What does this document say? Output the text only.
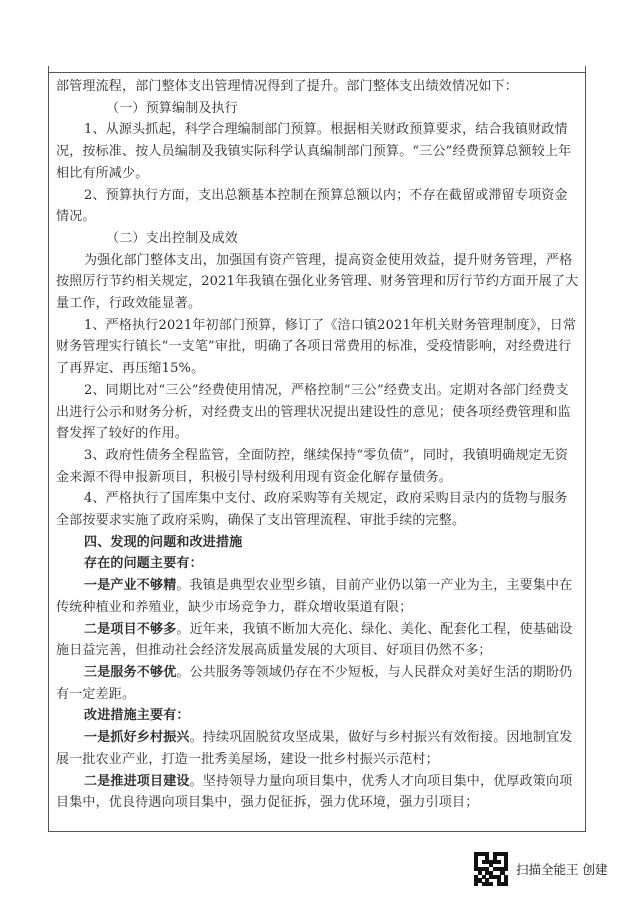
部管理流程，部门整体支出管理情况得到了提升。部门整体支出绩效情况如下：

（一）预算编制及执行

1、从源头抓起，科学合理编制部门预算。根据相关财政预算要求，结合我镇财政情况，按标准、按人员编制及我镇实际科学认真编制部门预算。“三公”经费预算总额较上年相比有所减少。

2、预算执行方面，支出总额基本控制在预算总额以内；不存在截留或滞留专项资金情况。

（二）支出控制及成效

为强化部门整体支出，加强国有资产管理，提高资金使用效益，提升财务管理，严格按照厉行节约相关规定，2021年我镇在强化业务管理、财务管理和厉行节约方面开展了大量工作，行政效能显著。

1、严格执行2021年初部门预算，修订了《涪口镇2021年机关财务管理制度》，日常财务管理实行镇长“一支笔”审批，明确了各项日常费用的标准，受疫情影响，对经费进行了再界定、再压缩15%。

2、同期比对“三公”经费使用情况，严格控制“三公”经费支出。定期对各部门经费支出进行公示和财务分析，对经费支出的管理状况提出建设性的意见；使各项经费管理和监督发挥了较好的作用。

3、政府性债务全程监管，全面防控，继续保持“零负债”，同时，我镇明确规定无资金来源不得申报新项目，积极引导村级利用现有资金化解存量债务。

4、严格执行了国库集中支付、政府采购等有关规定，政府采购目录内的货物与服务全部按要求实施了政府采购，确保了支出管理流程、审批手续的完整。

四、发现的问题和改进措施

存在的问题主要有：

一是产业不够精。我镇是典型农业型乡镇，目前产业仍以第一产业为主，主要集中在传统种植业和养殖业，缺少市场竞争力，群众增收渠道有限；

二是项目不够多。近年来，我镇不断加大亮化、绿化、美化、配套化工程，使基础设施日益完善，但推动社会经济发展高质量发展的大项目、好项目仍然不多；

三是服务不够优。公共服务等领域仍存在不少短板，与人民群众对美好生活的期盼仍有一定差距。

改进措施主要有：

一是抓好乡村振兴。持续巩固脱贫攻坚成果，做好与乡村振兴有效衔接。因地制宜发展一批农业产业，打造一批秀美屋场，建设一批乡村振兴示范村；

二是推进项目建设。坚持领导力量向项目集中，优秀人才向项目集中，优厚政策向项目集中，优良待遇向项目集中，强力促征拆，强力优环境，强力引项目；

扫描全能王 创建
